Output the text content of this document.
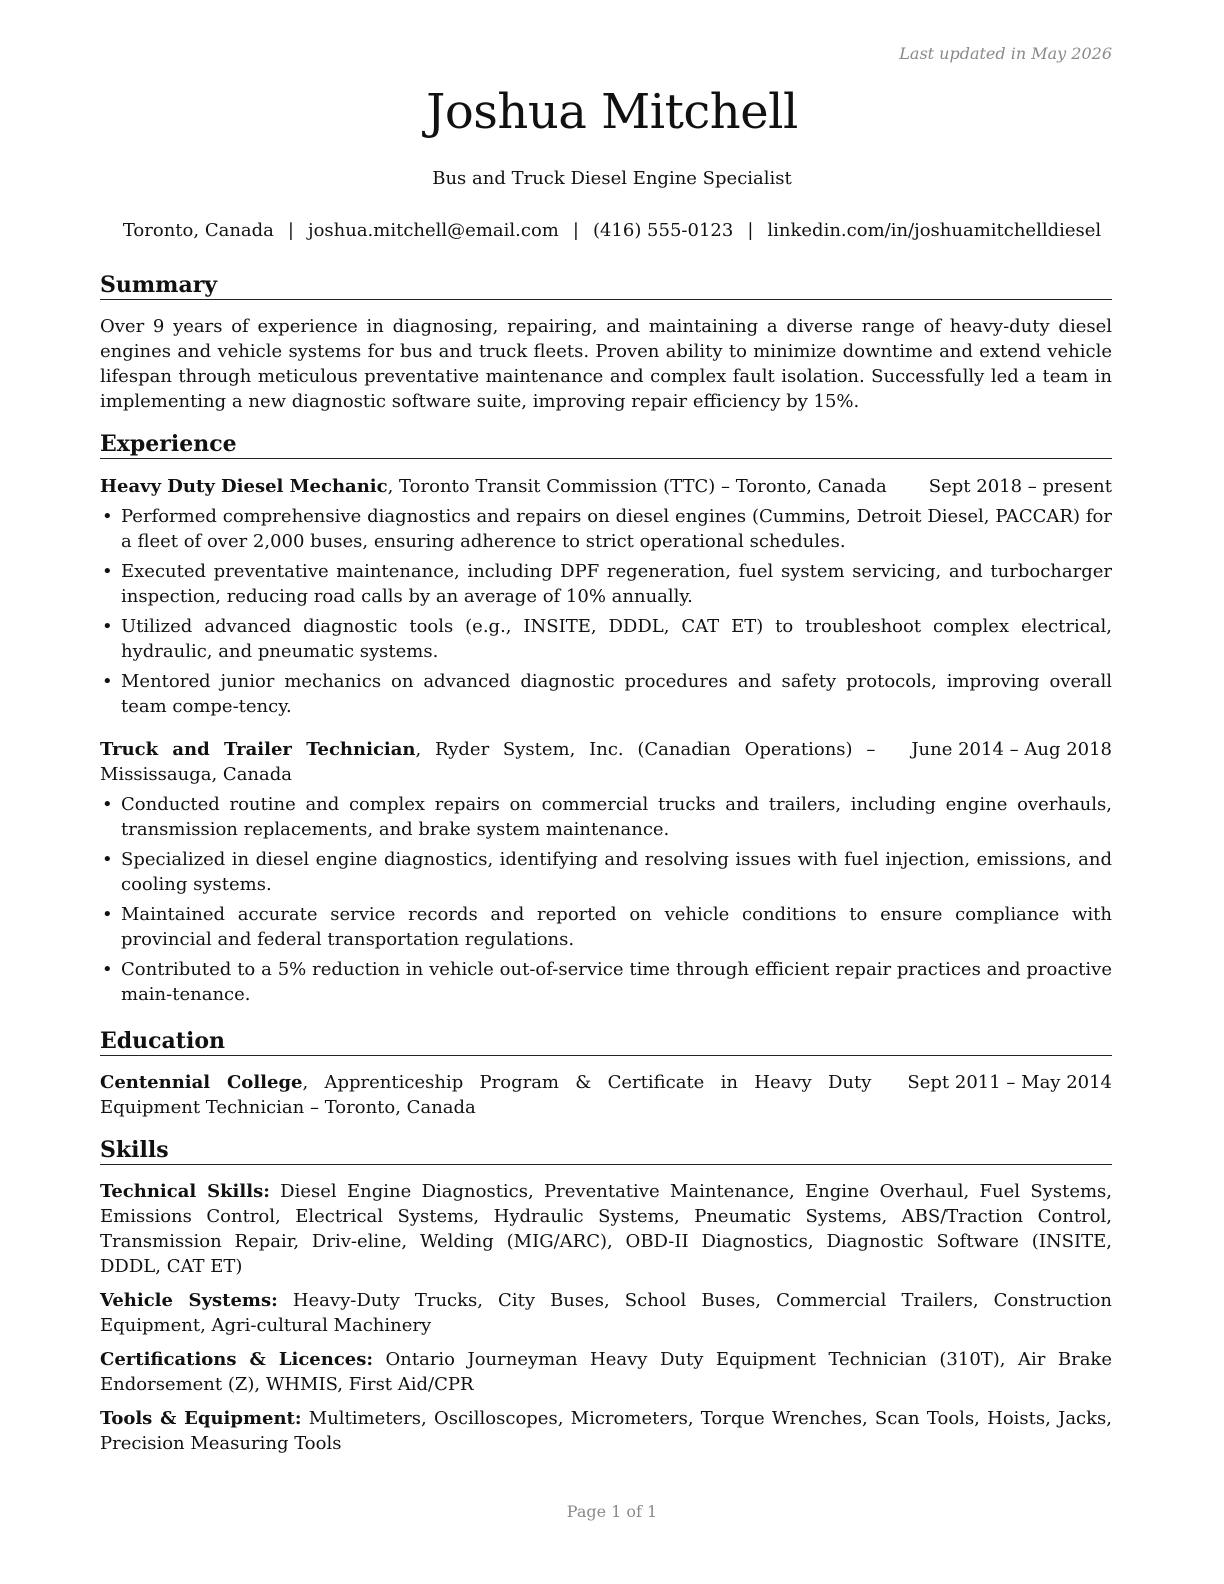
Last updated in May 2026
Joshua Mitchell
Bus and Truck Diesel Engine Specialist
Toronto, Canada | joshua.mitchell@email.com | (416) 555-0123 | linkedin.com/in/joshuamitchelldiesel
Summary

Over 9 years of experience in diagnosing, repairing, and maintaining a diverse range of heavy-duty diesel engines and vehicle systems for bus and truck fleets. Proven ability to minimize downtime and extend vehicle lifespan through meticulous preventative maintenance and complex fault isolation. Successfully led a team in implementing a new diagnostic software suite, improving repair efficiency by 15%.

Experience
Heavy Duty Diesel Mechanic, Toronto Transit Commission (TTC) – Toronto, Canada	Sept 2018 – present
• Performed comprehensive diagnostics and repairs on diesel engines (Cummins, Detroit Diesel, PACCAR) for a fleet of over 2,000 buses, ensuring adherence to strict operational schedules.
• Executed preventative maintenance, including DPF regeneration, fuel system servicing, and turbocharger inspection, reducing road calls by an average of 10% annually.
• Utilized advanced diagnostic tools (e.g., INSITE, DDDL, CAT ET) to troubleshoot complex electrical, hydraulic, and pneumatic systems.
• Mentored junior mechanics on advanced diagnostic procedures and safety protocols, improving overall team compe-tency.
Truck and Trailer Technician, Ryder System, Inc. (Canadian Operations) – Mississauga, Canada
June 2014 – Aug 2018
• Conducted routine and complex repairs on commercial trucks and trailers, including engine overhauls, transmission replacements, and brake system maintenance.
• Specialized in diesel engine diagnostics, identifying and resolving issues with fuel injection, emissions, and cooling systems.
• Maintained accurate service records and reported on vehicle conditions to ensure compliance with provincial and federal transportation regulations.
• Contributed to a 5% reduction in vehicle out-of-service time through efficient repair practices and proactive main-tenance.
Education
Centennial College, Apprenticeship Program & Certificate in Heavy Duty Equipment Technician – Toronto, Canada
Sept 2011 – May 2014
Skills

Technical Skills: Diesel Engine Diagnostics, Preventative Maintenance, Engine Overhaul, Fuel Systems, Emissions Control, Electrical Systems, Hydraulic Systems, Pneumatic Systems, ABS/Traction Control, Transmission Repair, Driv-eline, Welding (MIG/ARC), OBD-II Diagnostics, Diagnostic Software (INSITE, DDDL, CAT ET)

Vehicle Systems: Heavy-Duty Trucks, City Buses, School Buses, Commercial Trailers, Construction Equipment, Agri-cultural Machinery

Certifications & Licences: Ontario Journeyman Heavy Duty Equipment Technician (310T), Air Brake Endorsement (Z), WHMIS, First Aid/CPR

Tools & Equipment: Multimeters, Oscilloscopes, Micrometers, Torque Wrenches, Scan Tools, Hoists, Jacks, Precision Measuring Tools

Page 1 of 1
